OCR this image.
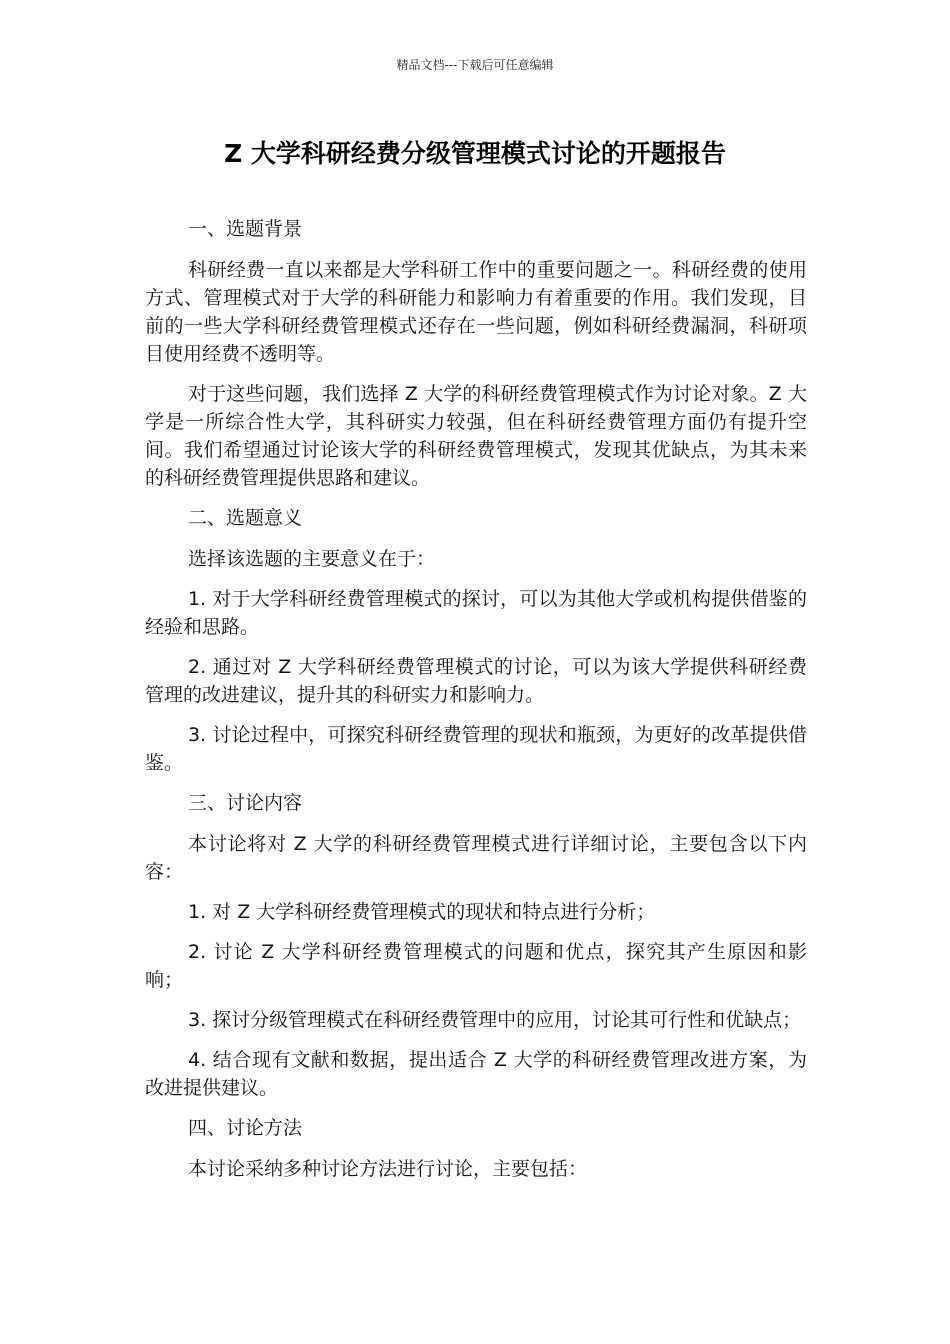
精品文档---下载后可任意编辑
Z 大学科研经费分级管理模式讨论的开题报告

一、选题背景

科研经费一直以来都是大学科研工作中的重要问题之一。科研经费的使用方式、管理模式对于大学的科研能力和影响力有着重要的作用。我们发现，目前的一些大学科研经费管理模式还存在一些问题，例如科研经费漏洞，科研项目使用经费不透明等。

对于这些问题，我们选择 Z 大学的科研经费管理模式作为讨论对象。Z 大学是一所综合性大学，其科研实力较强，但在科研经费管理方面仍有提升空间。我们希望通过讨论该大学的科研经费管理模式，发现其优缺点，为其未来的科研经费管理提供思路和建议。

二、选题意义

选择该选题的主要意义在于：

1. 对于大学科研经费管理模式的探讨，可以为其他大学或机构提供借鉴的经验和思路。

2. 通过对 Z 大学科研经费管理模式的讨论，可以为该大学提供科研经费管理的改进建议，提升其的科研实力和影响力。

3. 讨论过程中，可探究科研经费管理的现状和瓶颈，为更好的改革提供借鉴。

三、讨论内容

本讨论将对 Z 大学的科研经费管理模式进行详细讨论，主要包含以下内容：

1. 对 Z 大学科研经费管理模式的现状和特点进行分析；

2. 讨论 Z 大学科研经费管理模式的问题和优点，探究其产生原因和影响；

3. 探讨分级管理模式在科研经费管理中的应用，讨论其可行性和优缺点；

4. 结合现有文献和数据，提出适合 Z 大学的科研经费管理改进方案，为改进提供建议。

四、讨论方法

本讨论采纳多种讨论方法进行讨论，主要包括：
